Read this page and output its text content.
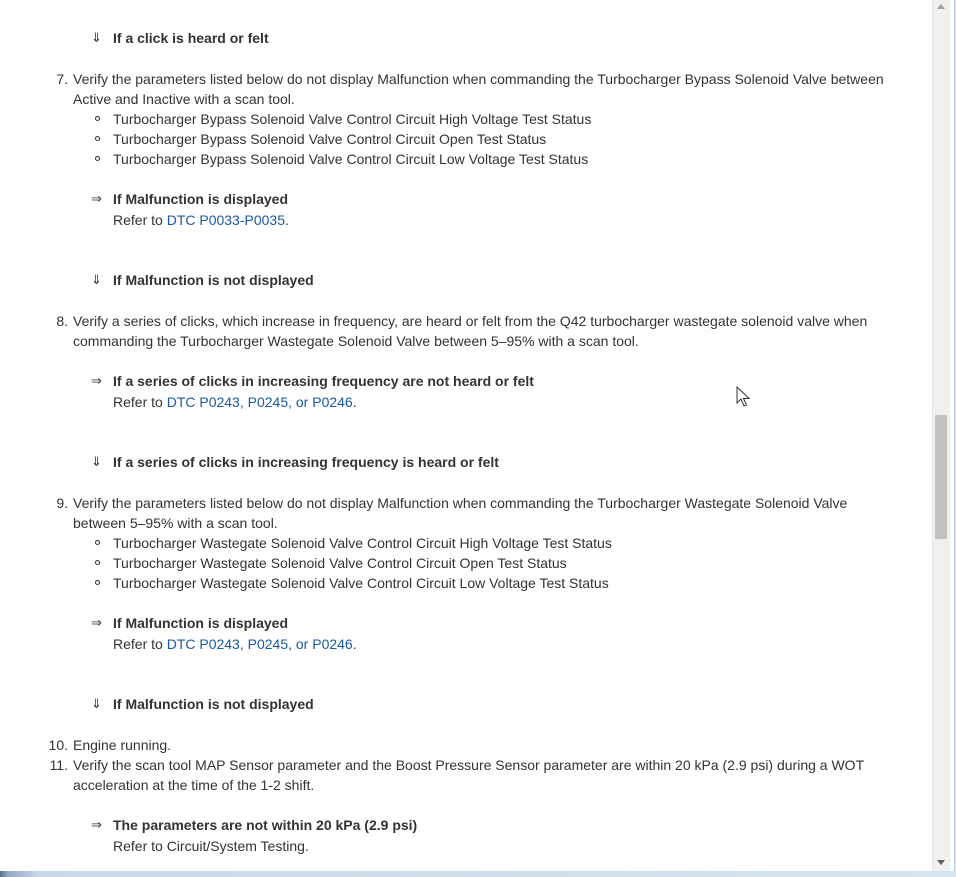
⇓ If a click is heard or felt
7. Verify the parameters listed below do not display Malfunction when commanding the Turbocharger Bypass Solenoid Valve between
Active and Inactive with a scan tool.
Turbocharger Bypass Solenoid Valve Control Circuit High Voltage Test Status
Turbocharger Bypass Solenoid Valve Control Circuit Open Test Status
Turbocharger Bypass Solenoid Valve Control Circuit Low Voltage Test Status
⇒ If Malfunction is displayed
Refer to DTC P0033-P0035.
⇓ If Malfunction is not displayed
8. Verify a series of clicks, which increase in frequency, are heard or felt from the Q42 turbocharger wastegate solenoid valve when
commanding the Turbocharger Wastegate Solenoid Valve between 5–95% with a scan tool.
⇒ If a series of clicks in increasing frequency are not heard or felt
Refer to DTC P0243, P0245, or P0246.
⇓ If a series of clicks in increasing frequency is heard or felt
9. Verify the parameters listed below do not display Malfunction when commanding the Turbocharger Wastegate Solenoid Valve
between 5–95% with a scan tool.
Turbocharger Wastegate Solenoid Valve Control Circuit High Voltage Test Status
Turbocharger Wastegate Solenoid Valve Control Circuit Open Test Status
Turbocharger Wastegate Solenoid Valve Control Circuit Low Voltage Test Status
⇒ If Malfunction is displayed
Refer to DTC P0243, P0245, or P0246.
⇓ If Malfunction is not displayed
10. Engine running.
11. Verify the scan tool MAP Sensor parameter and the Boost Pressure Sensor parameter are within 20 kPa (2.9 psi) during a WOT
acceleration at the time of the 1-2 shift.
⇒ The parameters are not within 20 kPa (2.9 psi)
Refer to Circuit/System Testing.
